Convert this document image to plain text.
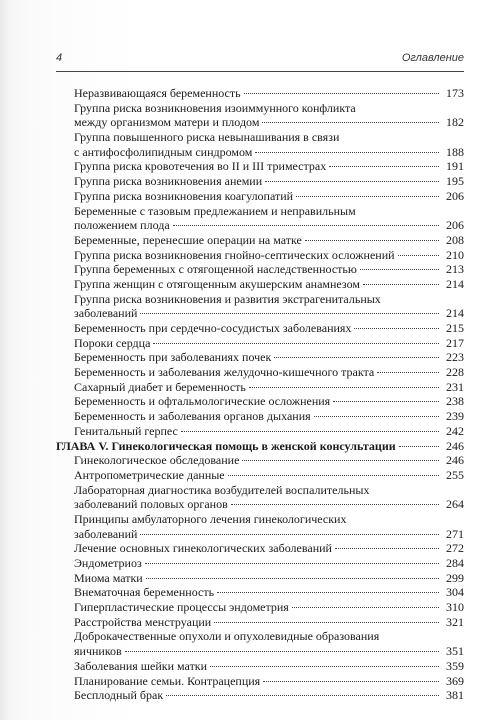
4	Оглавление
Неразвивающаяся беременность	173
Группа риска возникновения изоиммунного конфликта
между организмом матери и плодом	182
Группа повышенного риска невынашивания в связи
с антифосфолипидным синдромом	188
Группа риска кровотечения во II и III триместрах	191
Группа риска возникновения анемии	195
Группа риска возникновения коагулопатий	206
Беременные с тазовым предлежанием и неправильным
положением плода	206
Беременные, перенесшие операции на матке	208
Группа риска возникновения гнойно-септических осложнений	210
Группа беременных с отягощенной наследственностью	213
Группа женщин с отягощенным акушерским анамнезом	214
Группа риска возникновения и развития экстрагенитальных
заболеваний	214
Беременность при сердечно-сосудистых заболеваниях	215
Пороки сердца	217
Беременность при заболеваниях почек	223
Беременность и заболевания желудочно-кишечного тракта	228
Сахарный диабет и беременность	231
Беременность и офтальмологические осложнения	238
Беременность и заболевания органов дыхания	239
Генитальный герпес	242
ГЛАВА V. Гинекологическая помощь в женской консультации	246
Гинекологическое обследование	246
Антропометрические данные	255
Лабораторная диагностика возбудителей воспалительных
заболеваний половых органов	264
Принципы амбулаторного лечения гинекологических
заболеваний	271
Лечение основных гинекологических заболеваний	272
Эндометриоз	284
Миома матки	299
Внематочная беременность	304
Гиперпластические процессы эндометрия	310
Расстройства менструации	321
Доброкачественные опухоли и опухолевидные образования
яичников	351
Заболевания шейки матки	359
Планирование семьи. Контрацепция	369
Бесплодный брак	381
